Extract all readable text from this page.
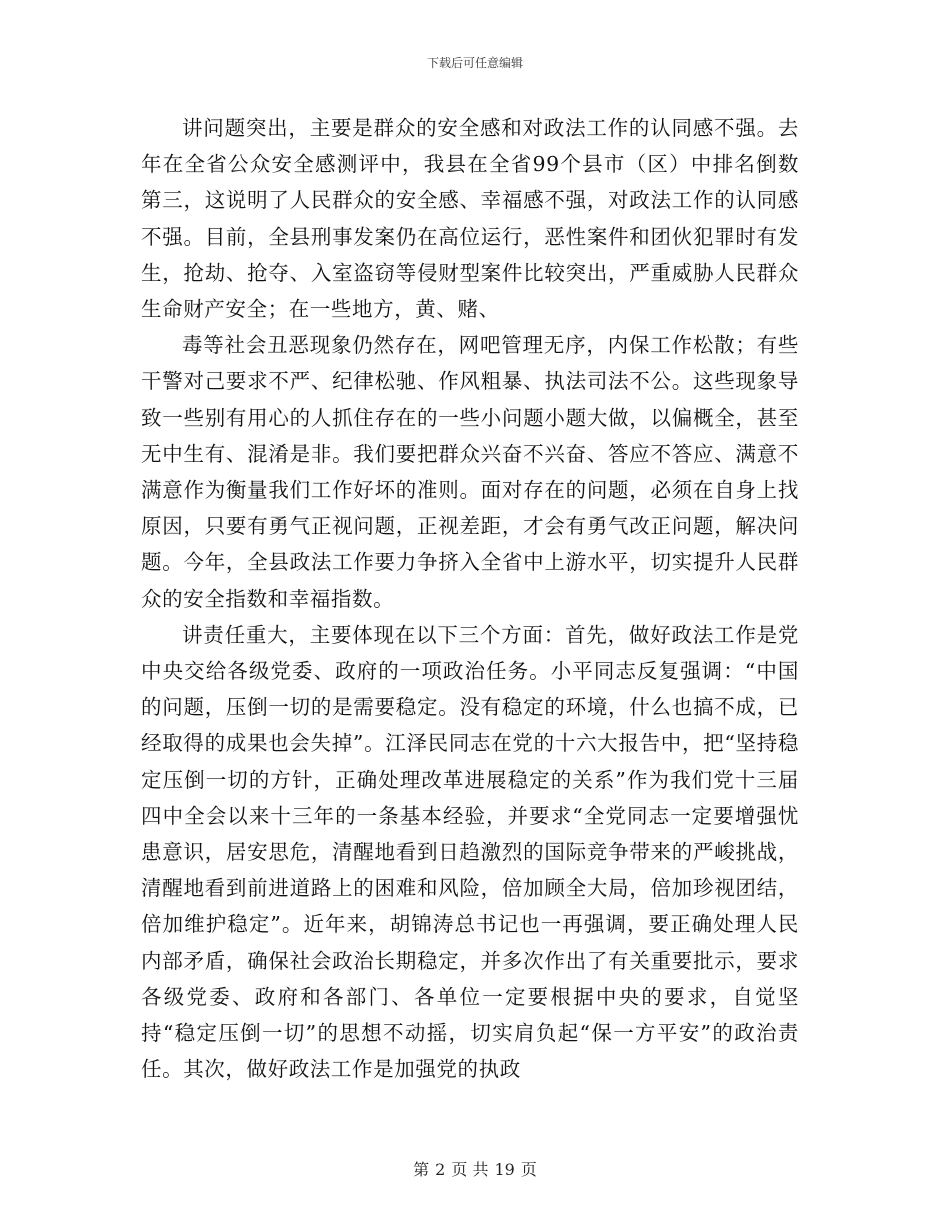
下载后可任意编辑

讲问题突出，主要是群众的安全感和对政法工作的认同感不强。去年在全省公众安全感测评中，我县在全省99个县市（区）中排名倒数第三，这说明了人民群众的安全感、幸福感不强，对政法工作的认同感不强。目前，全县刑事发案仍在高位运行，恶性案件和团伙犯罪时有发生，抢劫、抢夺、入室盗窃等侵财型案件比较突出，严重威胁人民群众生命财产安全；在一些地方，黄、赌、

毒等社会丑恶现象仍然存在，网吧管理无序，内保工作松散；有些干警对己要求不严、纪律松驰、作风粗暴、执法司法不公。这些现象导致一些别有用心的人抓住存在的一些小问题小题大做，以偏概全，甚至无中生有、混淆是非。我们要把群众兴奋不兴奋、答应不答应、满意不满意作为衡量我们工作好坏的准则。面对存在的问题，必须在自身上找原因，只要有勇气正视问题，正视差距，才会有勇气改正问题，解决问题。今年，全县政法工作要力争挤入全省中上游水平，切实提升人民群众的安全指数和幸福指数。

讲责任重大，主要体现在以下三个方面：首先，做好政法工作是党中央交给各级党委、政府的一项政治任务。小平同志反复强调：“中国的问题，压倒一切的是需要稳定。没有稳定的环境，什么也搞不成，已经取得的成果也会失掉”。江泽民同志在党的十六大报告中，把“坚持稳定压倒一切的方针，正确处理改革进展稳定的关系”作为我们党十三届四中全会以来十三年的一条基本经验，并要求“全党同志一定要增强忧患意识，居安思危，清醒地看到日趋激烈的国际竞争带来的严峻挑战，清醒地看到前进道路上的困难和风险，倍加顾全大局，倍加珍视团结，倍加维护稳定”。近年来，胡锦涛总书记也一再强调，要正确处理人民内部矛盾，确保社会政治长期稳定，并多次作出了有关重要批示，要求各级党委、政府和各部门、各单位一定要根据中央的要求，自觉坚持“稳定压倒一切”的思想不动摇，切实肩负起“保一方平安”的政治责任。其次，做好政法工作是加强党的执政

第 2 页 共 19 页
